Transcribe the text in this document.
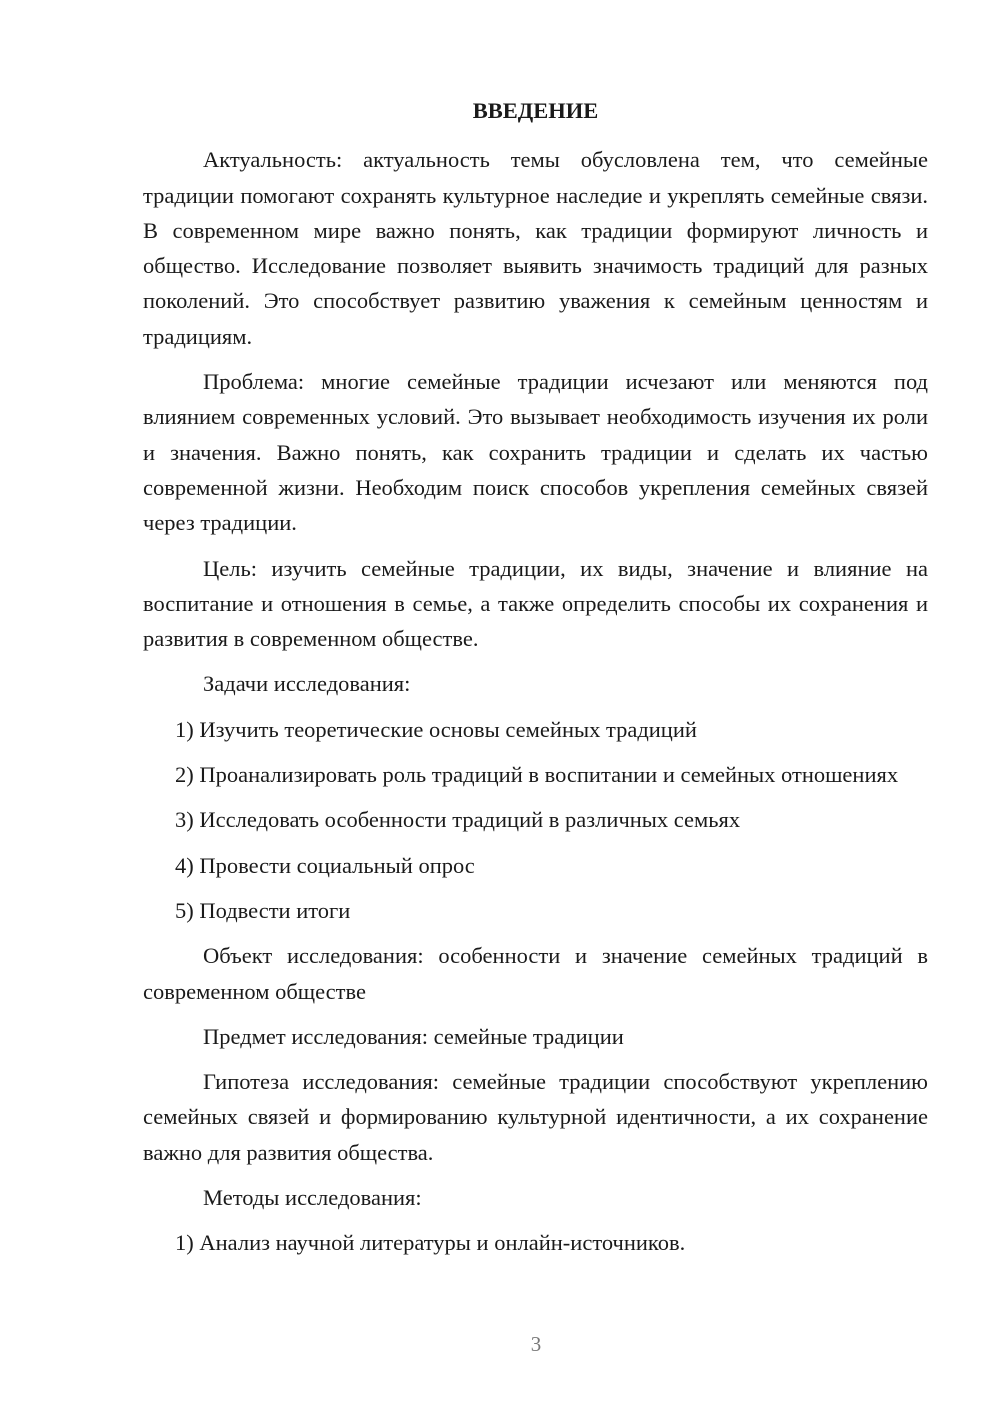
ВВЕДЕНИЕ

Актуальность: актуальность темы обусловлена тем, что семейные традиции помогают сохранять культурное наследие и укреплять семейные связи. В современном мире важно понять, как традиции формируют личность и общество. Исследование позволяет выявить значимость традиций для разных поколений. Это способствует развитию уважения к семейным ценностям и традициям.

Проблема: многие семейные традиции исчезают или меняются под влиянием современных условий. Это вызывает необходимость изучения их роли и значения. Важно понять, как сохранить традиции и сделать их частью современной жизни. Необходим поиск способов укрепления семейных связей через традиции.

Цель: изучить семейные традиции, их виды, значение и влияние на воспитание и отношения в семье, а также определить способы их сохранения и развития в современном обществе.

Задачи исследования:

1) Изучить теоретические основы семейных традиций

2) Проанализировать роль традиций в воспитании и семейных отношениях

3) Исследовать особенности традиций в различных семьях

4) Провести социальный опрос

5) Подвести итоги

Объект исследования: особенности и значение семейных традиций в современном обществе

Предмет исследования: семейные традиции

Гипотеза исследования: семейные традиции способствуют укреплению семейных связей и формированию культурной идентичности, а их сохранение важно для развития общества.

Методы исследования:

1) Анализ научной литературы и онлайн-источников.

3
